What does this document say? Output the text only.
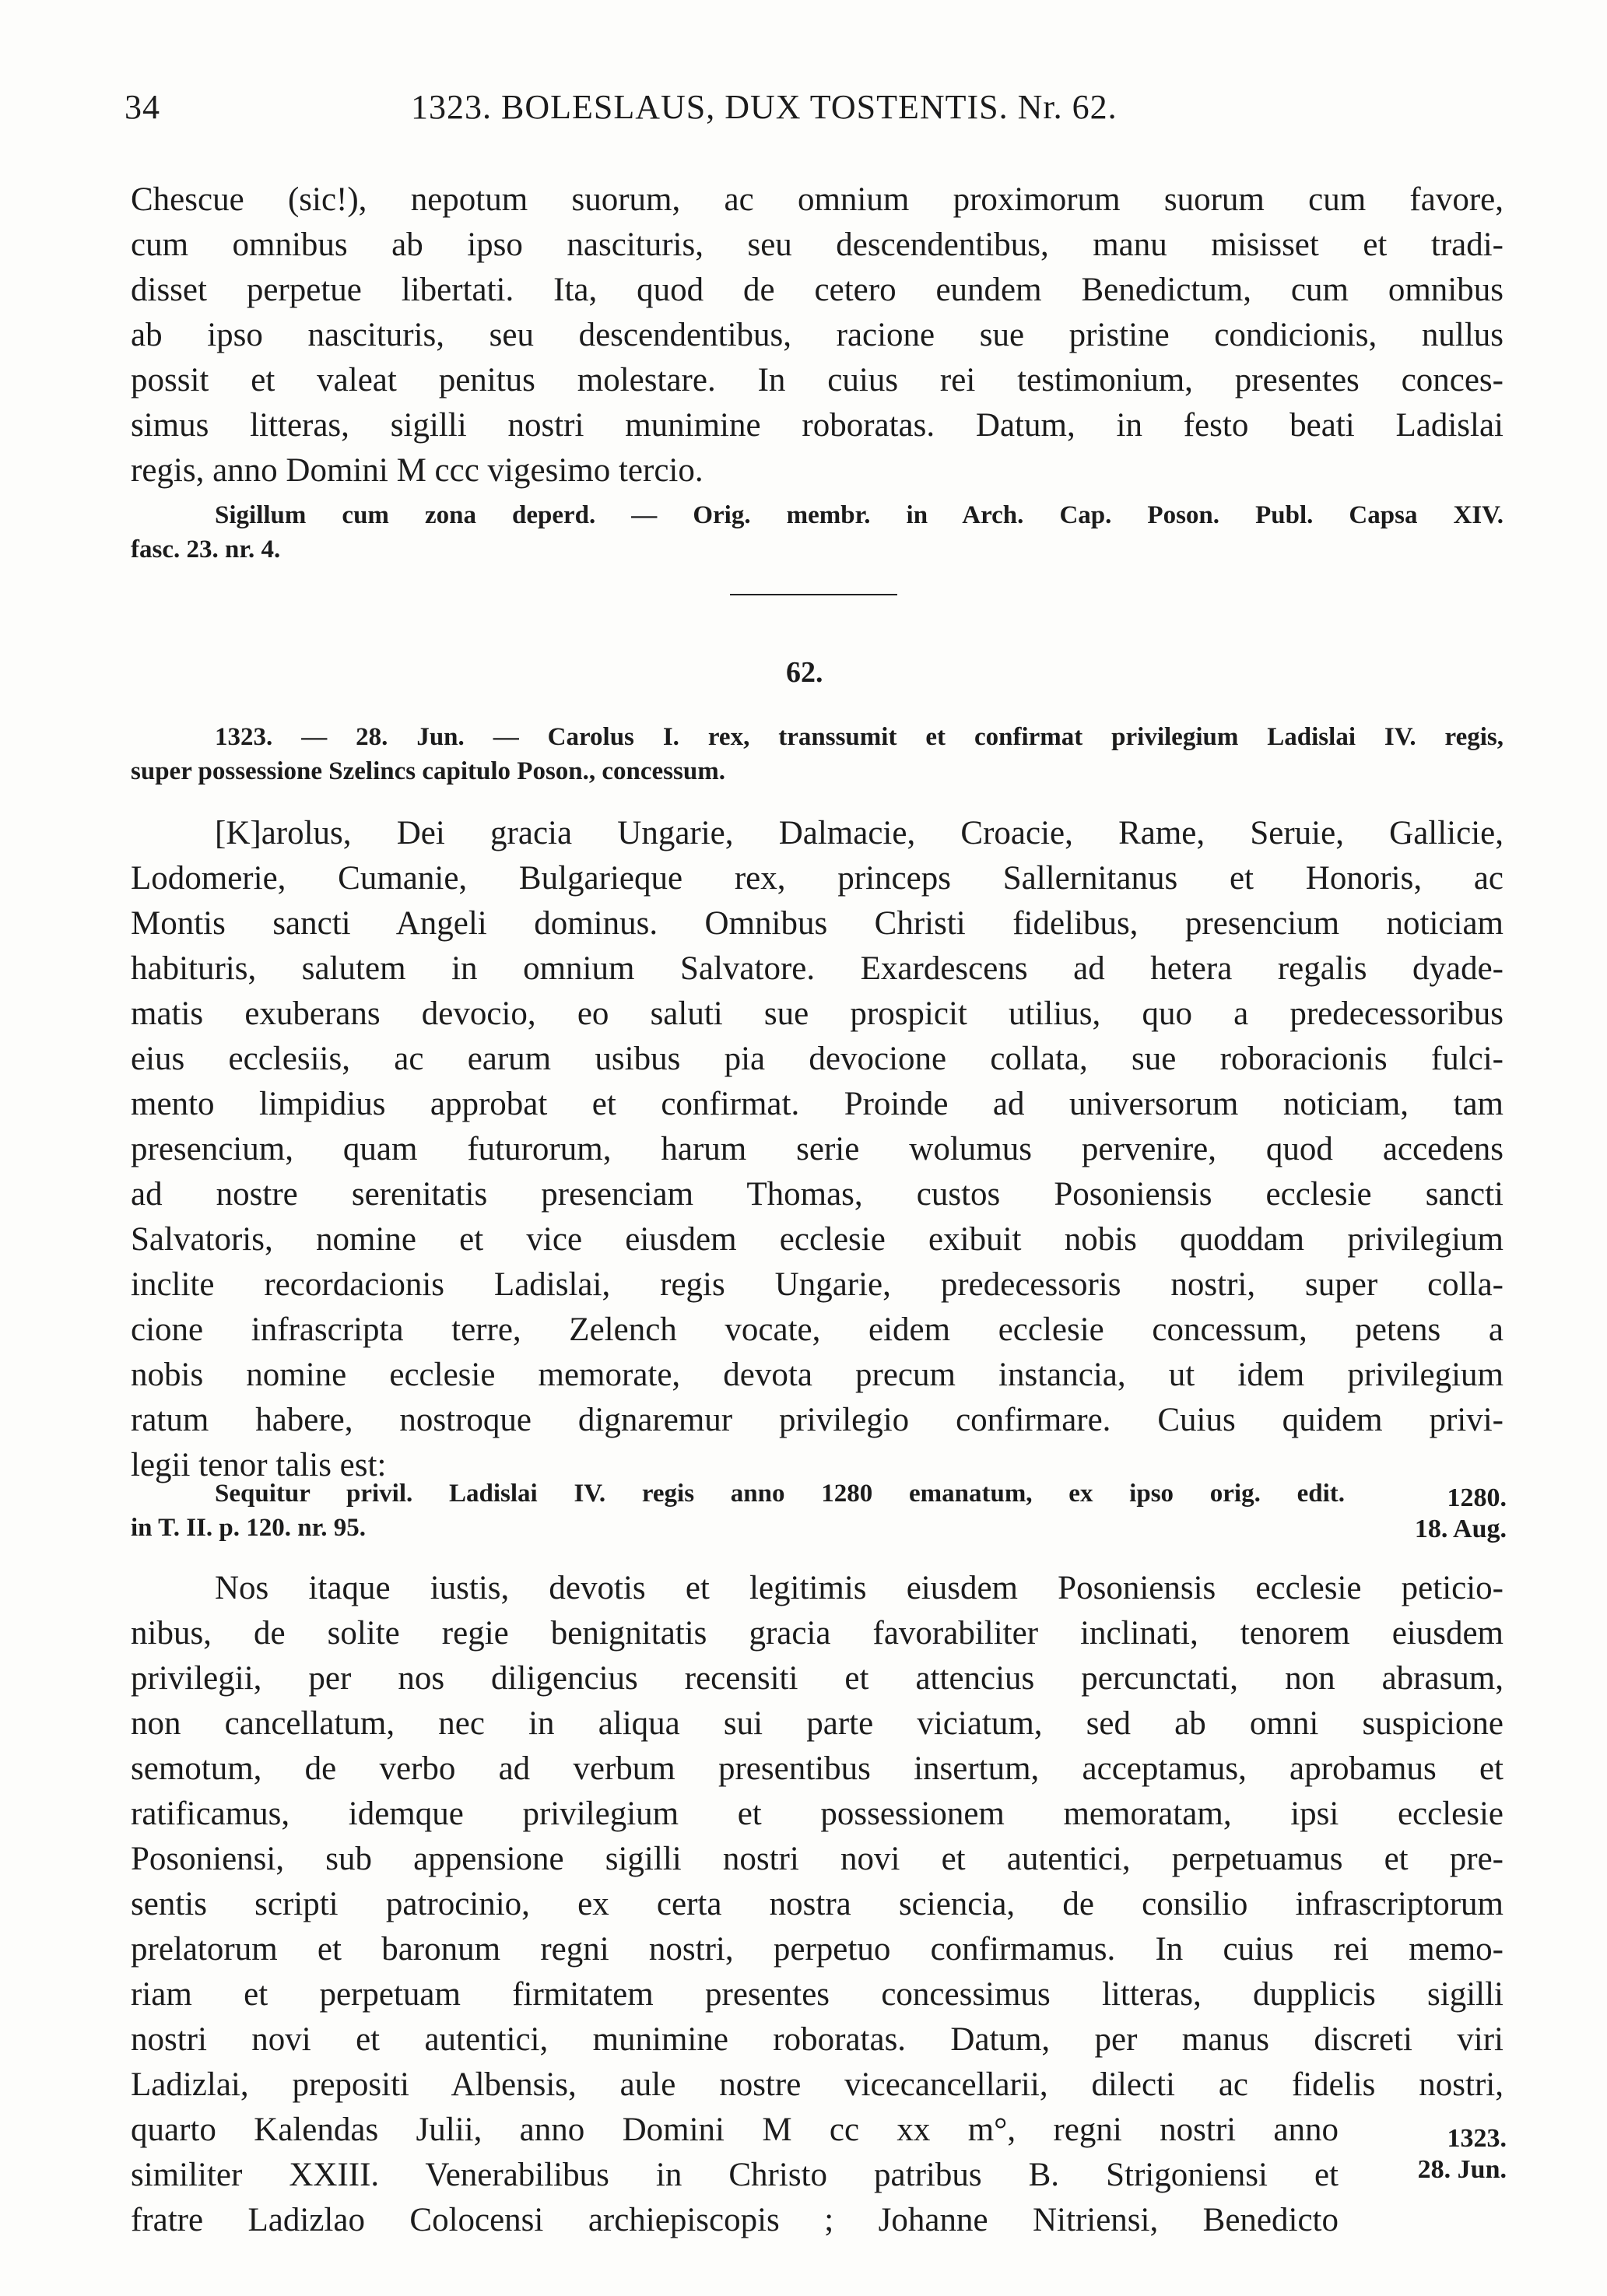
34	1323. BOLESLAUS, DUX TOSTENTIS. Nr. 62.
Chescue (sic!), nepotum suorum, ac omnium proximorum suorum cum favore,
cum omnibus ab ipso nascituris, seu descendentibus, manu misisset et tradi-
disset perpetue libertati. Ita, quod de cetero eundem Benedictum, cum omnibus
ab ipso nascituris, seu descendentibus, racione sue pristine condicionis, nullus
possit et valeat penitus molestare. In cuius rei testimonium, presentes conces-
simus litteras, sigilli nostri munimine roboratas. Datum, in festo beati Ladislai
regis, anno Domini M ccc vigesimo tercio.
Sigillum cum zona deperd. — Orig. membr. in Arch. Cap. Poson. Publ. Capsa XIV.
fasc. 23. nr. 4.
62.
1323. — 28. Jun. — Carolus I. rex, transsumit et confirmat privilegium Ladislai IV. regis,
super possessione Szelincs capitulo Poson., concessum.
[K]arolus, Dei gracia Ungarie, Dalmacie, Croacie, Rame, Seruie, Gallicie,
Lodomerie, Cumanie, Bulgarieque rex, princeps Sallernitanus et Honoris, ac
Montis sancti Angeli dominus. Omnibus Christi fidelibus, presencium noticiam
habituris, salutem in omnium Salvatore. Exardescens ad hetera regalis dyade-
matis exuberans devocio, eo saluti sue prospicit utilius, quo a predecessoribus
eius ecclesiis, ac earum usibus pia devocione collata, sue roboracionis fulci-
mento limpidius approbat et confirmat. Proinde ad universorum noticiam, tam
presencium, quam futurorum, harum serie wolumus pervenire, quod accedens
ad nostre serenitatis presenciam Thomas, custos Posoniensis ecclesie sancti
Salvatoris, nomine et vice eiusdem ecclesie exibuit nobis quoddam privilegium
inclite recordacionis Ladislai, regis Ungarie, predecessoris nostri, super colla-
cione infrascripta terre, Zelench vocate, eidem ecclesie concessum, petens a
nobis nomine ecclesie memorate, devota precum instancia, ut idem privilegium
ratum habere, nostroque dignaremur privilegio confirmare. Cuius quidem privi-
legii tenor talis est:
Sequitur privil. Ladislai IV. regis anno 1280 emanatum, ex ipso orig. edit.
in T. II. p. 120. nr. 95.
1280.
18. Aug.
Nos itaque iustis, devotis et legitimis eiusdem Posoniensis ecclesie peticio-
nibus, de solite regie benignitatis gracia favorabiliter inclinati, tenorem eiusdem
privilegii, per nos diligencius recensiti et attencius percunctati, non abrasum,
non cancellatum, nec in aliqua sui parte viciatum, sed ab omni suspicione
semotum, de verbo ad verbum presentibus insertum, acceptamus, aprobamus et
ratificamus, idemque privilegium et possessionem memoratam, ipsi ecclesie
Posoniensi, sub appensione sigilli nostri novi et autentici, perpetuamus et pre-
sentis scripti patrocinio, ex certa nostra sciencia, de consilio infrascriptorum
prelatorum et baronum regni nostri, perpetuo confirmamus. In cuius rei memo-
riam et perpetuam firmitatem presentes concessimus litteras, dupplicis sigilli
nostri novi et autentici, munimine roboratas. Datum, per manus discreti viri
Ladizlai, prepositi Albensis, aule nostre vicecancellarii, dilecti ac fidelis nostri,
quarto Kalendas Julii, anno Domini M cc xx m°, regni nostri anno
similiter XXIII. Venerabilibus in Christo patribus B. Strigoniensi et
fratre Ladizlao Colocensi archiepiscopis ; Johanne Nitriensi, Benedicto
1323.
28. Jun.
